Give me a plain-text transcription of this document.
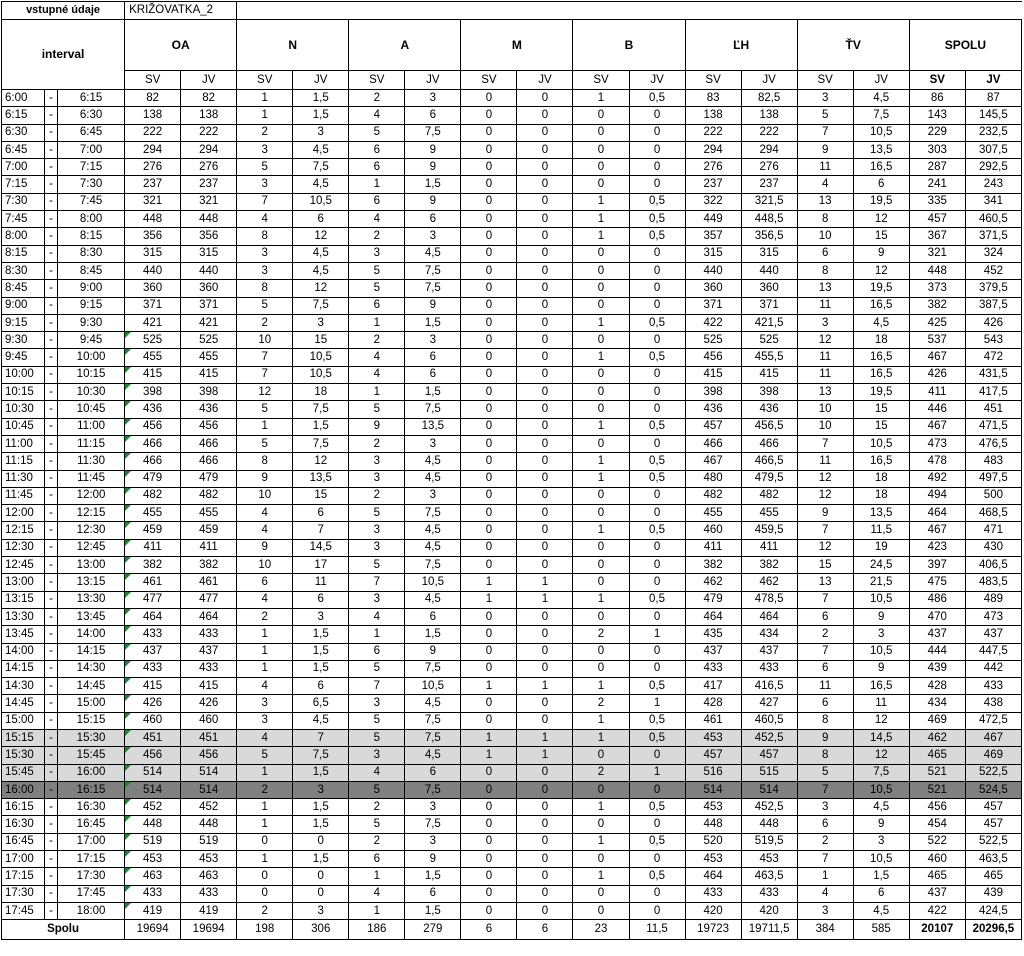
vstupné údaje			KRIŽOVATKA_2															
interval			OA		N		A		M		B		ĽH		ŤV		SPOLU	
			SV	JV	SV	JV	SV	JV	SV	JV	SV	JV	SV	JV	SV	JV	SV	JV
6:00	-	6:15	82	82	1	1,5	2	3	0	0	1	0,5	83	82,5	3	4,5	86	87
6:15	-	6:30	138	138	1	1,5	4	6	0	0	0	0	138	138	5	7,5	143	145,5
6:30	-	6:45	222	222	2	3	5	7,5	0	0	0	0	222	222	7	10,5	229	232,5
6:45	-	7:00	294	294	3	4,5	6	9	0	0	0	0	294	294	9	13,5	303	307,5
7:00	-	7:15	276	276	5	7,5	6	9	0	0	0	0	276	276	11	16,5	287	292,5
7:15	-	7:30	237	237	3	4,5	1	1,5	0	0	0	0	237	237	4	6	241	243
7:30	-	7:45	321	321	7	10,5	6	9	0	0	1	0,5	322	321,5	13	19,5	335	341
7:45	-	8:00	448	448	4	6	4	6	0	0	1	0,5	449	448,5	8	12	457	460,5
8:00	-	8:15	356	356	8	12	2	3	0	0	1	0,5	357	356,5	10	15	367	371,5
8:15	-	8:30	315	315	3	4,5	3	4,5	0	0	0	0	315	315	6	9	321	324
8:30	-	8:45	440	440	3	4,5	5	7,5	0	0	0	0	440	440	8	12	448	452
8:45	-	9:00	360	360	8	12	5	7,5	0	0	0	0	360	360	13	19,5	373	379,5
9:00	-	9:15	371	371	5	7,5	6	9	0	0	0	0	371	371	11	16,5	382	387,5
9:15	-	9:30	421	421	2	3	1	1,5	0	0	1	0,5	422	421,5	3	4,5	425	426
9:30	-	9:45	525	525	10	15	2	3	0	0	0	0	525	525	12	18	537	543
9:45	-	10:00	455	455	7	10,5	4	6	0	0	1	0,5	456	455,5	11	16,5	467	472
10:00	-	10:15	415	415	7	10,5	4	6	0	0	0	0	415	415	11	16,5	426	431,5
10:15	-	10:30	398	398	12	18	1	1,5	0	0	0	0	398	398	13	19,5	411	417,5
10:30	-	10:45	436	436	5	7,5	5	7,5	0	0	0	0	436	436	10	15	446	451
10:45	-	11:00	456	456	1	1,5	9	13,5	0	0	1	0,5	457	456,5	10	15	467	471,5
11:00	-	11:15	466	466	5	7,5	2	3	0	0	0	0	466	466	7	10,5	473	476,5
11:15	-	11:30	466	466	8	12	3	4,5	0	0	1	0,5	467	466,5	11	16,5	478	483
11:30	-	11:45	479	479	9	13,5	3	4,5	0	0	1	0,5	480	479,5	12	18	492	497,5
11:45	-	12:00	482	482	10	15	2	3	0	0	0	0	482	482	12	18	494	500
12:00	-	12:15	455	455	4	6	5	7,5	0	0	0	0	455	455	9	13,5	464	468,5
12:15	-	12:30	459	459	4	7	3	4,5	0	0	1	0,5	460	459,5	7	11,5	467	471
12:30	-	12:45	411	411	9	14,5	3	4,5	0	0	0	0	411	411	12	19	423	430
12:45	-	13:00	382	382	10	17	5	7,5	0	0	0	0	382	382	15	24,5	397	406,5
13:00	-	13:15	461	461	6	11	7	10,5	1	1	0	0	462	462	13	21,5	475	483,5
13:15	-	13:30	477	477	4	6	3	4,5	1	1	1	0,5	479	478,5	7	10,5	486	489
13:30	-	13:45	464	464	2	3	4	6	0	0	0	0	464	464	6	9	470	473
13:45	-	14:00	433	433	1	1,5	1	1,5	0	0	2	1	435	434	2	3	437	437
14:00	-	14:15	437	437	1	1,5	6	9	0	0	0	0	437	437	7	10,5	444	447,5
14:15	-	14:30	433	433	1	1,5	5	7,5	0	0	0	0	433	433	6	9	439	442
14:30	-	14:45	415	415	4	6	7	10,5	1	1	1	0,5	417	416,5	11	16,5	428	433
14:45	-	15:00	426	426	3	6,5	3	4,5	0	0	2	1	428	427	6	11	434	438
15:00	-	15:15	460	460	3	4,5	5	7,5	0	0	1	0,5	461	460,5	8	12	469	472,5
15:15	-	15:30	451	451	4	7	5	7,5	1	1	1	0,5	453	452,5	9	14,5	462	467
15:30	-	15:45	456	456	5	7,5	3	4,5	1	1	0	0	457	457	8	12	465	469
15:45	-	16:00	514	514	1	1,5	4	6	0	0	2	1	516	515	5	7,5	521	522,5
16:00	-	16:15	514	514	2	3	5	7,5	0	0	0	0	514	514	7	10,5	521	524,5
16:15	-	16:30	452	452	1	1,5	2	3	0	0	1	0,5	453	452,5	3	4,5	456	457
16:30	-	16:45	448	448	1	1,5	5	7,5	0	0	0	0	448	448	6	9	454	457
16:45	-	17:00	519	519	0	0	2	3	0	0	1	0,5	520	519,5	2	3	522	522,5
17:00	-	17:15	453	453	1	1,5	6	9	0	0	0	0	453	453	7	10,5	460	463,5
17:15	-	17:30	463	463	0	0	1	1,5	0	0	1	0,5	464	463,5	1	1,5	465	465
17:30	-	17:45	433	433	0	0	4	6	0	0	0	0	433	433	4	6	437	439
17:45	-	18:00	419	419	2	3	1	1,5	0	0	0	0	420	420	3	4,5	422	424,5
Spolu			19694	19694	198	306	186	279	6	6	23	11,5	19723	19711,5	384	585	20107	20296,5
